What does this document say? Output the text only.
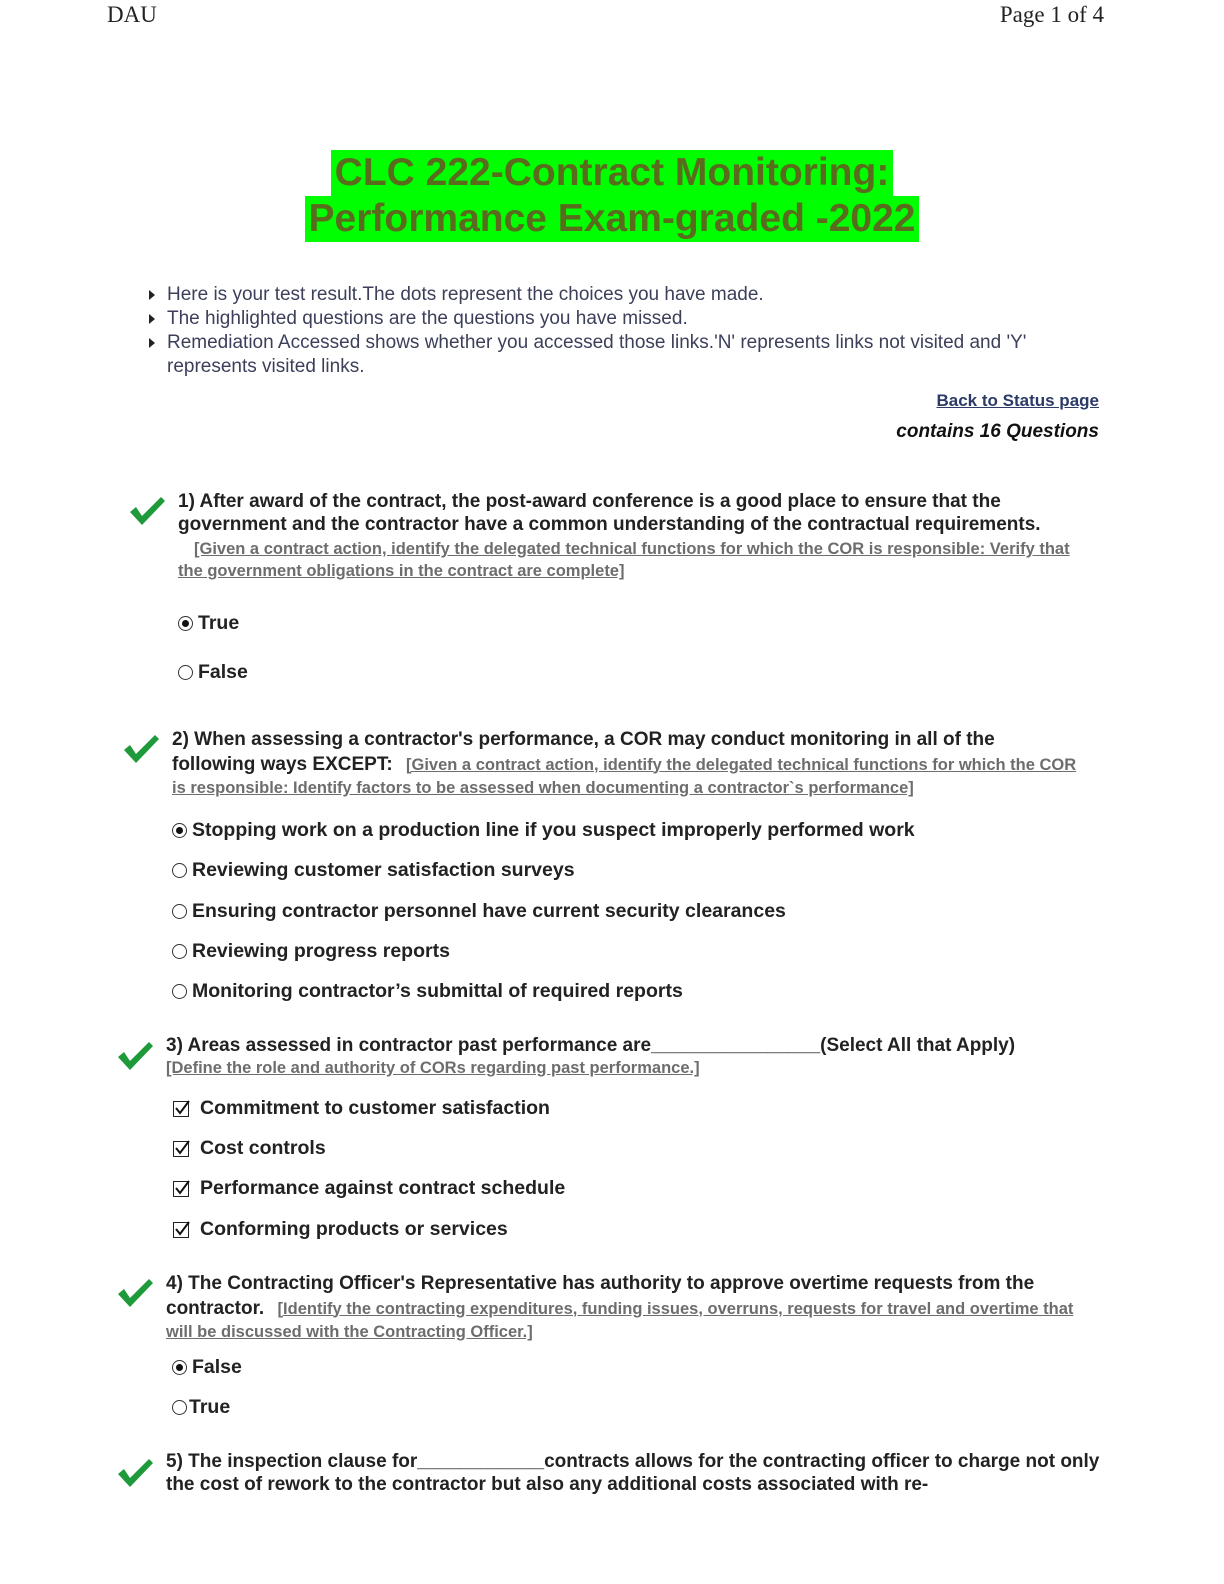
DAU	Page 1 of 4
CLC 222-Contract Monitoring:
Performance Exam-graded -2022
Here is your test result.The dots represent the choices you have made.
The highlighted questions are the questions you have missed.
Remediation Accessed shows whether you accessed those links.'N' represents links not visited and 'Y' represents visited links.
Back to Status page
contains 16 Questions
1) After award of the contract, the post-award conference is a good place to ensure that the government and the contractor have a common understanding of the contractual requirements.
[Given a contract action, identify the delegated technical functions for which the COR is responsible: Verify that the government obligations in the contract are complete]
True
False
2) When assessing a contractor's performance, a COR may conduct monitoring in all of the following ways EXCEPT: [Given a contract action, identify the delegated technical functions for which the COR is responsible: Identify factors to be assessed when documenting a contractor`s performance]
Stopping work on a production line if you suspect improperly performed work
Reviewing customer satisfaction surveys
Ensuring contractor personnel have current security clearances
Reviewing progress reports
Monitoring contractor’s submittal of required reports
3) Areas assessed in contractor past performance are________________(Select All that Apply)
[Define the role and authority of CORs regarding past performance.]
Commitment to customer satisfaction
Cost controls
Performance against contract schedule
Conforming products or services
4) The Contracting Officer's Representative has authority to approve overtime requests from the contractor. [Identify the contracting expenditures, funding issues, overruns, requests for travel and overtime that will be discussed with the Contracting Officer.]
False
True
5) The inspection clause for____________contracts allows for the contracting officer to charge not only the cost of rework to the contractor but also any additional costs associated with re-
